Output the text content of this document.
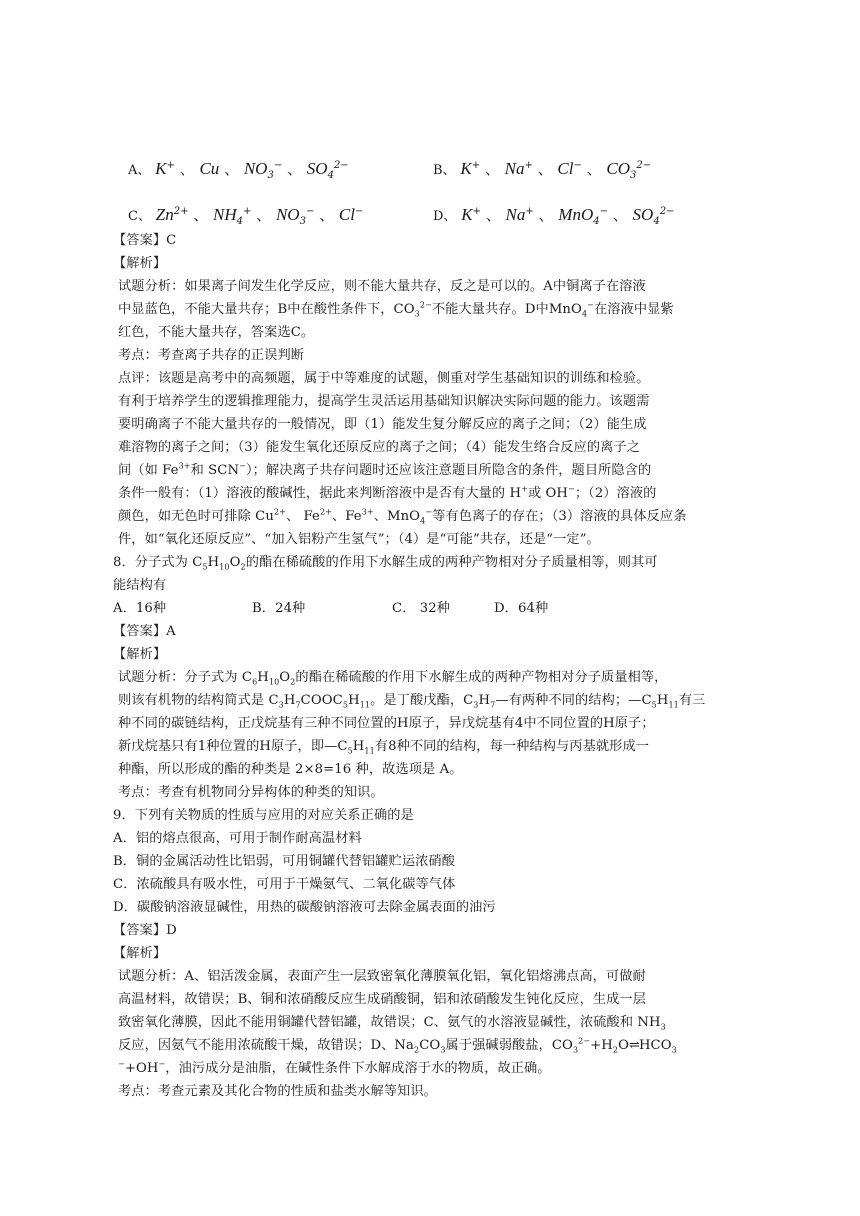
A、 K+ 、 Cu 、 $NO_3^-$ 、 $SO_4^{2-}$	B、 K+ 、 Na+ 、 Cl− 、 $CO_3^{2-}$
C、 $Zn^{2+}$ 、 $NH_4^+$ 、 $NO_3^-$ 、 Cl−	D、 K+ 、 Na+ 、 MnO$_4$− 、 $SO_4^{2-}$
【答案】C
【解析】
试题分析：如果离子间发生化学反应，则不能大量共存，反之是可以的。A中铜离子在溶液
中显蓝色，不能大量共存；B中在酸性条件下，$CO_3^{2-}$不能大量共存。D中MnO$_4$−在溶液中显紫
红色，不能大量共存，答案选C。
考点：考查离子共存的正误判断
点评：该题是高考中的高频题，属于中等难度的试题，侧重对学生基础知识的训练和检验。
有利于培养学生的逻辑推理能力，提高学生灵活运用基础知识解决实际问题的能力。该题需
要明确离子不能大量共存的一般情况，即（1）能发生复分解反应的离子之间；（2）能生成
难溶物的离子之间；（3）能发生氧化还原反应的离子之间；（4）能发生络合反应的离子之
间（如 $Fe^{3+}$和 SCN−）；解决离子共存问题时还应该注意题目所隐含的条件，题目所隐含的
条件一般有：（1）溶液的酸碱性，据此来判断溶液中是否有大量的 H+或 OH−；（2）溶液的
颜色，如无色时可排除 $Cu^{2+}$、 $Fe^{2+}$、$Fe^{3+}$、MnO$_4$−等有色离子的存在；（3）溶液的具体反应条
件，如“氧化还原反应”、“加入铝粉产生氢气”；（4）是“可能”共存，还是“一定”。
8．分子式为 $C_5H_{10}O_2$的酯在稀硫酸的作用下水解生成的两种产物相对分子质量相等，则其可
能结构有
A．16种	B．24种	C． 32种	D．64种
【答案】A
【解析】
试题分析：分子式为 $C_6H_{10}O_2$的酯在稀硫酸的作用下水解生成的两种产物相对分子质量相等，
则该有机物的结构简式是 $C_3H_7COOC_5H_{11}$。是丁酸戊酯，$C_3H_7—$有两种不同的结构；$—C_5H_{11}$有三
种不同的碳链结构，正戊烷基有三种不同位置的H原子，异戊烷基有4中不同位置的H原子；
新戊烷基只有1种位置的H原子，即$—C_5H_{11}$有8种不同的结构，每一种结构与丙基就形成一
种酯，所以形成的酯的种类是 2×8=16 种，故选项是 A。
考点：考查有机物同分异构体的种类的知识。
9．下列有关物质的性质与应用的对应关系正确的是
A．铝的熔点很高，可用于制作耐高温材料
B．铜的金属活动性比铝弱，可用铜罐代替铝罐贮运浓硝酸
C．浓硫酸具有吸水性，可用于干燥氨气、二氧化碳等气体
D．碳酸钠溶液显碱性，用热的碳酸钠溶液可去除金属表面的油污
【答案】D
【解析】
试题分析：A、铝活泼金属，表面产生一层致密氧化薄膜氧化铝，氧化铝熔沸点高，可做耐
高温材料，故错误；B、铜和浓硝酸反应生成硝酸铜，铝和浓硝酸发生钝化反应，生成一层
致密氧化薄膜，因此不能用铜罐代替铝罐，故错误；C、氨气的水溶液显碱性，浓硫酸和 $NH_3$
反应，因氨气不能用浓硫酸干燥，故错误；D、$Na_2CO_3$属于强碱弱酸盐，$CO_3^{2-}+H_2O\rightleftharpoons HCO_3$
−+OH−，油污成分是油脂，在碱性条件下水解成溶于水的物质，故正确。
考点：考查元素及其化合物的性质和盐类水解等知识。
